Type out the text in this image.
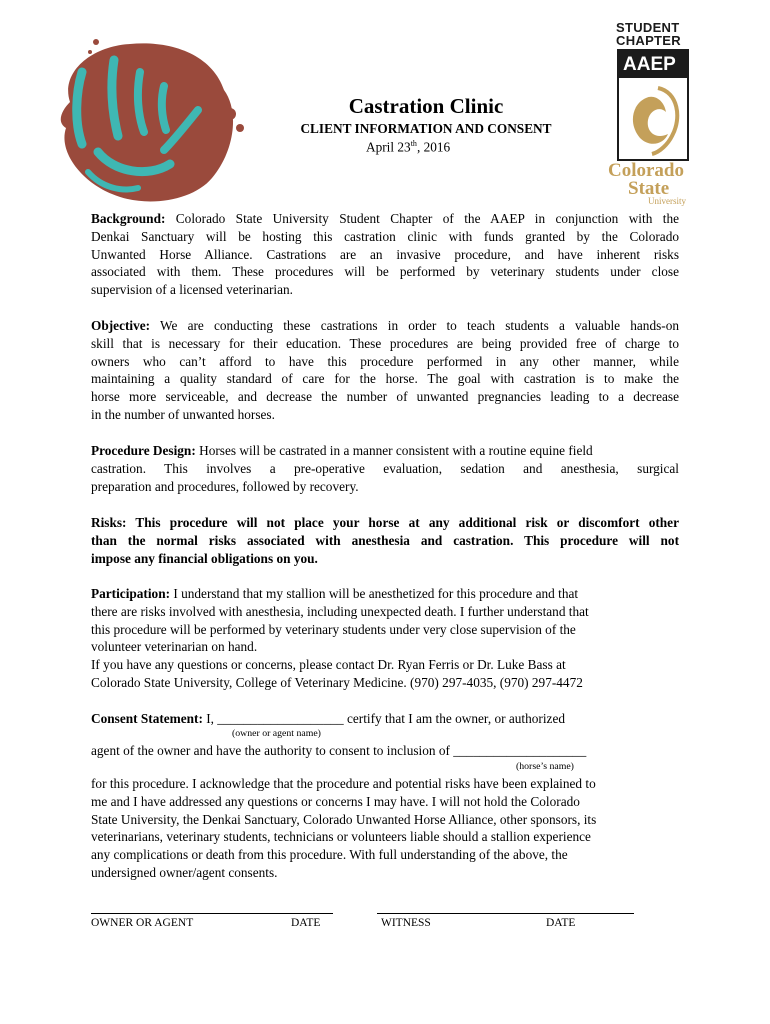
STUDENT
CHAPTER
AAEP
Colorado
State
University
Castration Clinic
CLIENT INFORMATION AND CONSENT
April 23th, 2016
Background: Colorado State University Student Chapter of the AAEP in conjunction with the
Denkai Sanctuary will be hosting this castration clinic with funds granted by the Colorado
Unwanted Horse Alliance. Castrations are an invasive procedure, and have inherent risks
associated with them. These procedures will be performed by veterinary students under close
supervision of a licensed veterinarian.
Objective: We are conducting these castrations in order to teach students a valuable hands-on
skill that is necessary for their education. These procedures are being provided free of charge to
owners who can’t afford to have this procedure performed in any other manner, while
maintaining a quality standard of care for the horse. The goal with castration is to make the
horse more serviceable, and decrease the number of unwanted pregnancies leading to a decrease
in the number of unwanted horses.
Procedure Design: Horses will be castrated in a manner consistent with a routine equine field
castration. This involves a pre-operative evaluation, sedation and anesthesia, surgical
preparation and procedures, followed by recovery.
Risks: This procedure will not place your horse at any additional risk or discomfort other
than the normal risks associated with anesthesia and castration. This procedure will not
impose any financial obligations on you.
Participation: I understand that my stallion will be anesthetized for this procedure and that
there are risks involved with anesthesia, including unexpected death. I further understand that
this procedure will be performed by veterinary students under very close supervision of the
volunteer veterinarian on hand.
If you have any questions or concerns, please contact Dr. Ryan Ferris or Dr. Luke Bass at
Colorado State University, College of Veterinary Medicine. (970) 297-4035, (970) 297-4472
Consent Statement: I, ___________________ certify that I am the owner, or authorized
(owner or agent name)
agent of the owner and have the authority to consent to inclusion of ____________________
(horse’s name)
for this procedure. I acknowledge that the procedure and potential risks have been explained to
me and I have addressed any questions or concerns I may have. I will not hold the Colorado
State University, the Denkai Sanctuary, Colorado Unwanted Horse Alliance, other sponsors, its
veterinarians, veterinary students, technicians or volunteers liable should a stallion experience
any complications or death from this procedure. With full understanding of the above, the
undersigned owner/agent consents.
OWNER OR AGENT	DATE	WITNESS	DATE
